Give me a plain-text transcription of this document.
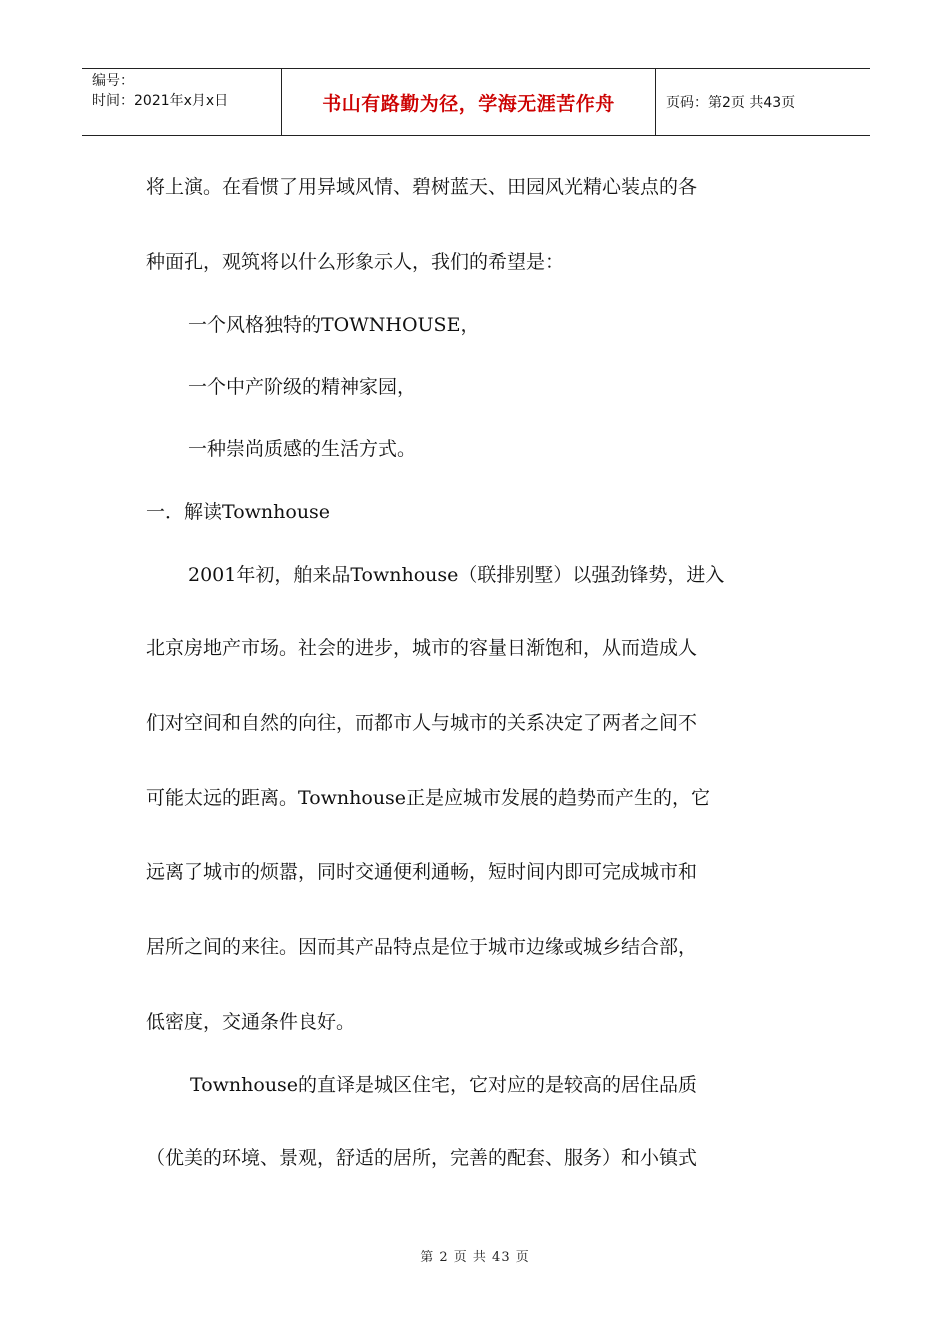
编号：
时间：2021年x月x日	书山有路勤为径，学海无涯苦作舟	页码：第2页 共43页
将上演。在看惯了用异域风情、碧树蓝天、田园风光精心装点的各
种面孔，观筑将以什么形象示人，我们的希望是：
一个风格独特的TOWNHOUSE，
一个中产阶级的精神家园，
一种崇尚质感的生活方式。
一．解读Townhouse
2001年初，舶来品Townhouse（联排别墅）以强劲锋势，进入
北京房地产市场。社会的进步，城市的容量日渐饱和，从而造成人
们对空间和自然的向往，而都市人与城市的关系决定了两者之间不
可能太远的距离。Townhouse正是应城市发展的趋势而产生的，它
远离了城市的烦嚣，同时交通便利通畅，短时间内即可完成城市和
居所之间的来往。因而其产品特点是位于城市边缘或城乡结合部，
低密度，交通条件良好。
Townhouse的直译是城区住宅，它对应的是较高的居住品质
（优美的环境、景观，舒适的居所，完善的配套、服务）和小镇式
第 2 页 共 43 页
